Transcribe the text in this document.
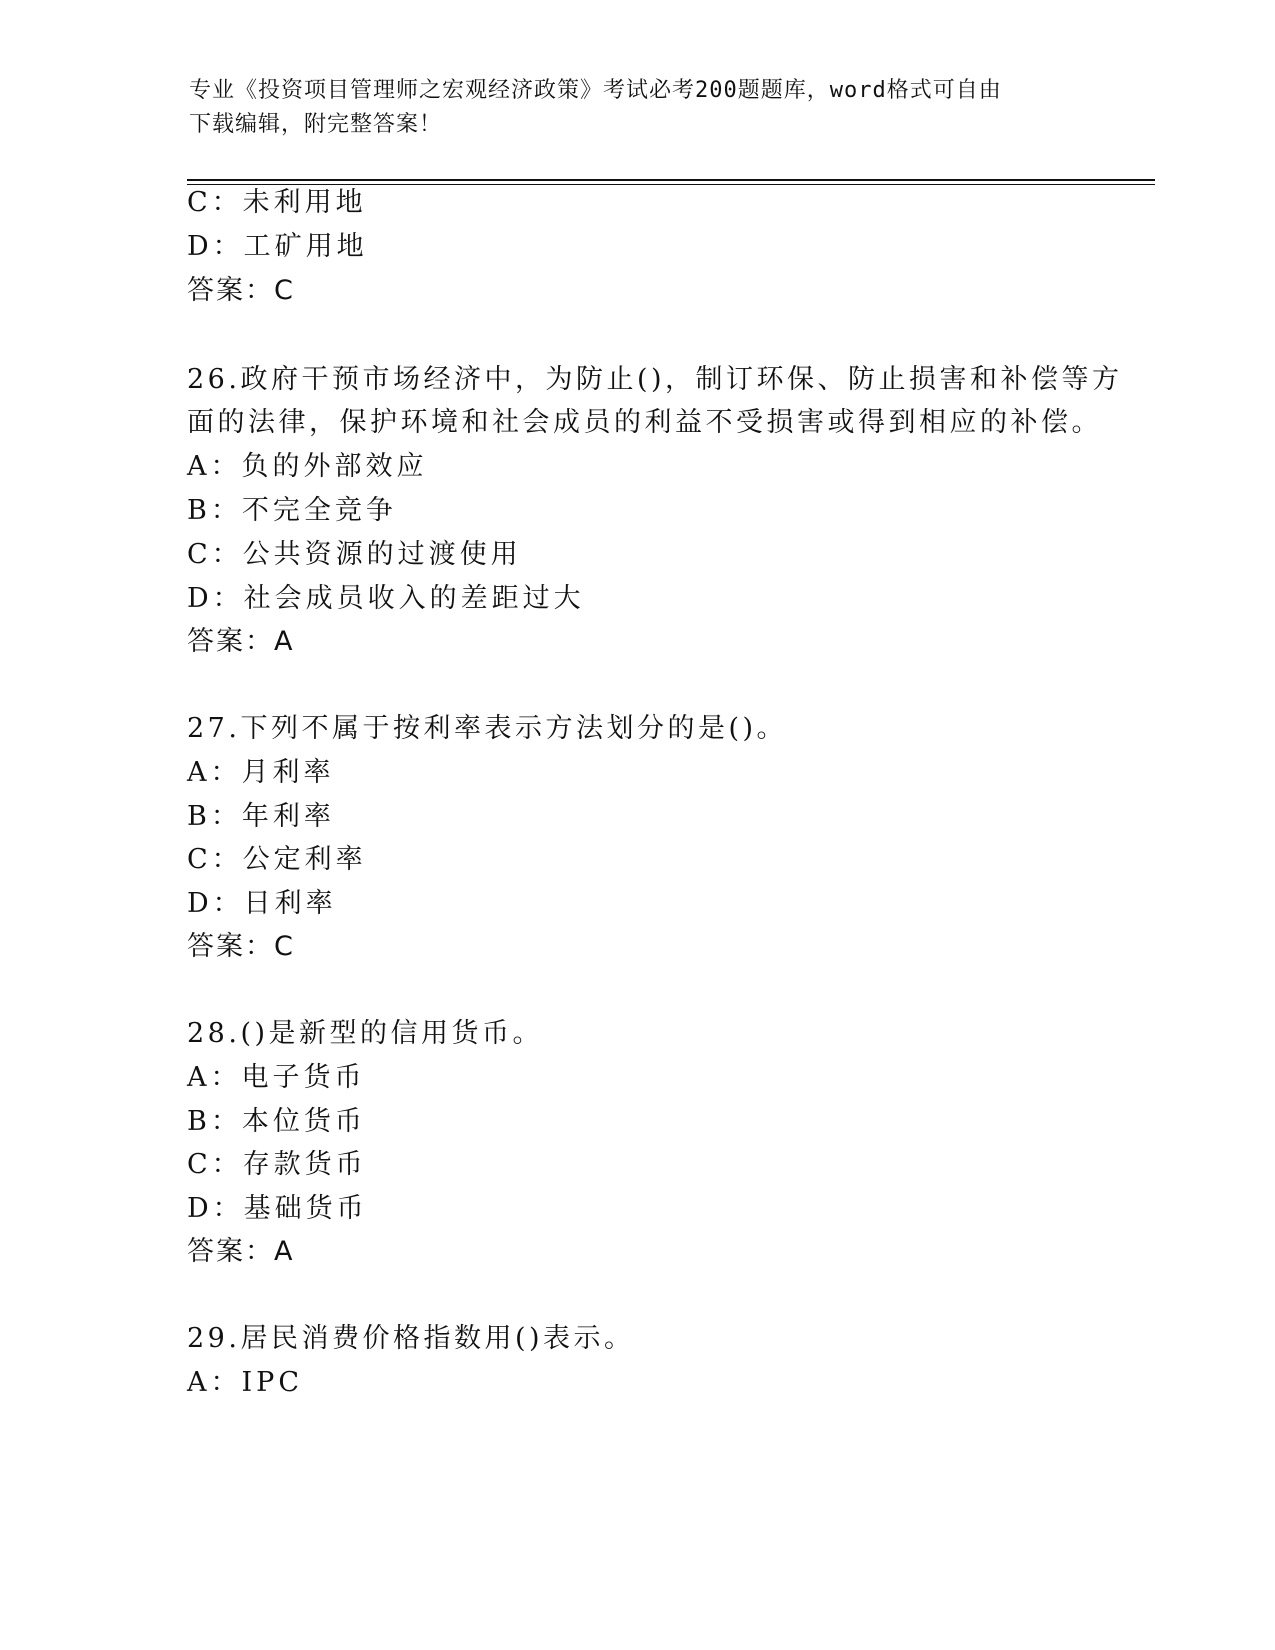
专业《投资项目管理师之宏观经济政策》考试必考200题题库，word格式可自由
下载编辑，附完整答案！
C：未利用地
D：工矿用地
答案：C
26.政府干预市场经济中，为防止()，制订环保、防止损害和补偿等方
面的法律，保护环境和社会成员的利益不受损害或得到相应的补偿。
A：负的外部效应
B：不完全竞争
C：公共资源的过渡使用
D：社会成员收入的差距过大
答案：A
27.下列不属于按利率表示方法划分的是()。
A：月利率
B：年利率
C：公定利率
D：日利率
答案：C
28.()是新型的信用货币。
A：电子货币
B：本位货币
C：存款货币
D：基础货币
答案：A
29.居民消费价格指数用()表示。
A：IPC
